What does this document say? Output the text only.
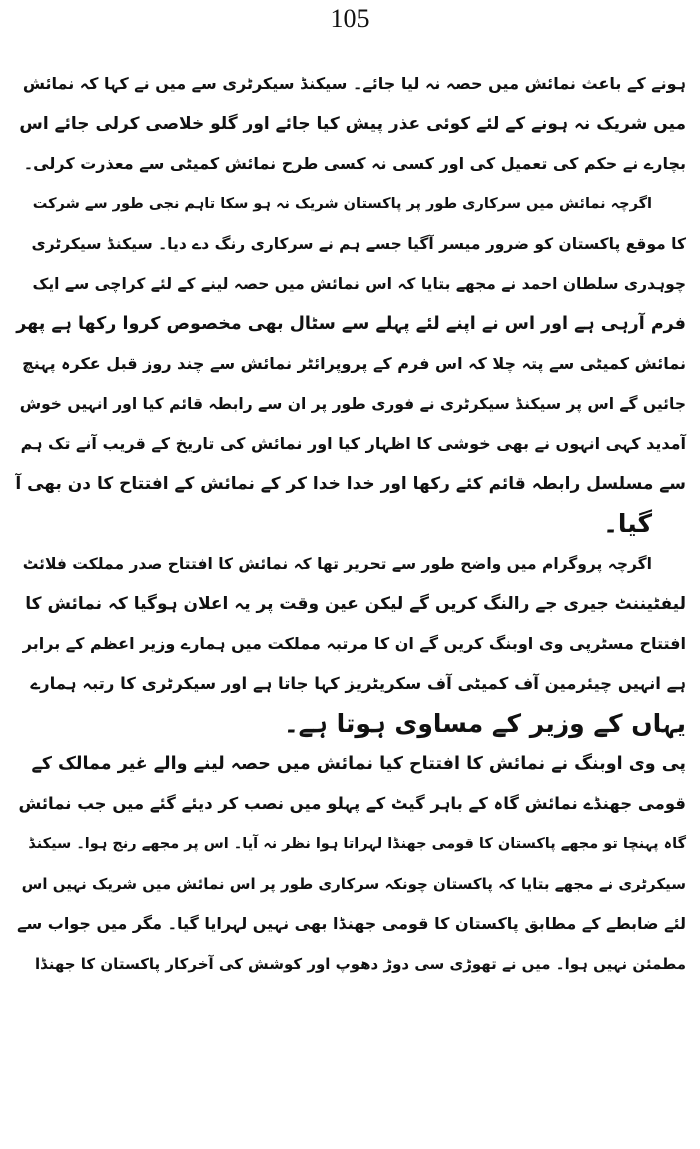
105
ہونے کے باعث نمائش میں حصہ نہ لیا جائے۔ سیکنڈ سیکرٹری سے میں نے کہا کہ نمائش
میں شریک نہ ہونے کے لئے کوئی عذر پیش کیا جائے اور گلو خلاصی کرلی جائے اس
بچارے نے حکم کی تعمیل کی اور کسی نہ کسی طرح نمائش کمیٹی سے معذرت کرلی۔
اگرچہ نمائش میں سرکاری طور پر پاکستان شریک نہ ہو سکا تاہم نجی طور سے شرکت
کا موقع پاکستان کو ضرور میسر آگیا جسے ہم نے سرکاری رنگ دے دیا۔ سیکنڈ سیکرٹری
چوہدری سلطان احمد نے مجھے بتایا کہ اس نمائش میں حصہ لینے کے لئے کراچی سے ایک
فرم آرہی ہے اور اس نے اپنے لئے پہلے سے سٹال بھی مخصوص کروا رکھا ہے پھر
نمائش کمیٹی سے پتہ چلا کہ اس فرم کے پروپرائٹر نمائش سے چند روز قبل عکرہ پہنچ
جائیں گے اس پر سیکنڈ سیکرٹری نے فوری طور پر ان سے رابطہ قائم کیا اور انہیں خوش
آمدید کہی انہوں نے بھی خوشی کا اظہار کیا اور نمائش کی تاریخ کے قریب آنے تک ہم
سے مسلسل رابطہ قائم کئے رکھا اور خدا خدا کر کے نمائش کے افتتاح کا دن بھی آ
گیا۔
اگرچہ پروگرام میں واضح طور سے تحریر تھا کہ نمائش کا افتتاح صدر مملکت فلائٹ
لیفٹیننٹ جیری جے رالنگ کریں گے لیکن عین وقت پر یہ اعلان ہوگیا کہ نمائش کا
افتتاح مسٹرپی وی اوبنگ کریں گے ان کا مرتبہ مملکت میں ہمارے وزیر اعظم کے برابر
ہے انہیں چیئرمین آف کمیٹی آف سکریٹریز کہا جاتا ہے اور سیکرٹری کا رتبہ ہمارے
یہاں کے وزیر کے مساوی ہوتا ہے۔
پی وی اوبنگ نے نمائش کا افتتاح کیا نمائش میں حصہ لینے والے غیر ممالک کے
قومی جھنڈے نمائش گاہ کے باہر گیٹ کے پہلو میں نصب کر دیئے گئے میں جب نمائش
گاہ پہنچا تو مجھے پاکستان کا قومی جھنڈا لہراتا ہوا نظر نہ آیا۔ اس پر مجھے رنج ہوا۔ سیکنڈ
سیکرٹری نے مجھے بتایا کہ پاکستان چونکہ سرکاری طور پر اس نمائش میں شریک نہیں اس
لئے ضابطے کے مطابق پاکستان کا قومی جھنڈا بھی نہیں لہرایا گیا۔ مگر میں جواب سے
مطمئن نہیں ہوا۔ میں نے تھوڑی سی دوڑ دھوپ اور کوشش کی آخرکار پاکستان کا جھنڈا
